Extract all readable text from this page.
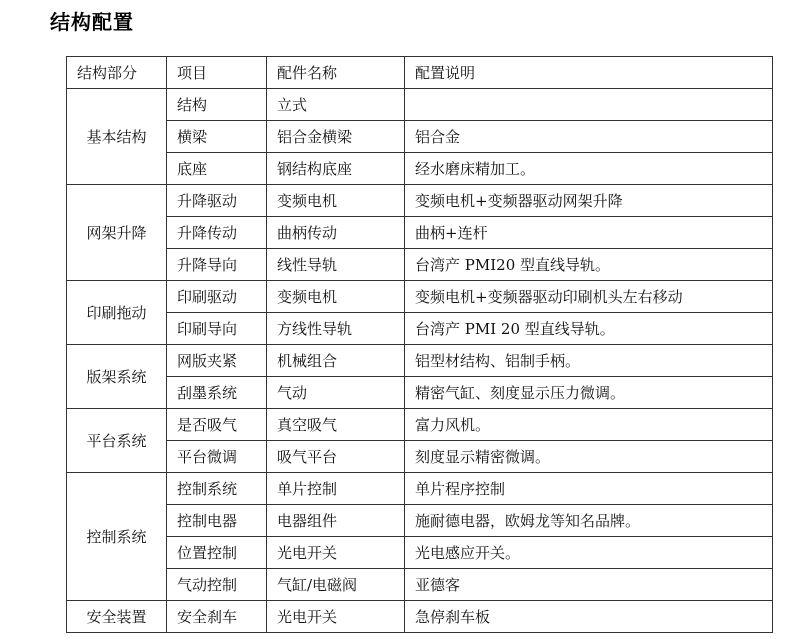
结构配置
结构部分	项目	配件名称	配置说明
基本结构	结构	立式	
	横梁	铝合金横梁	铝合金
	底座	钢结构底座	经水磨床精加工。
网架升降	升降驱动	变频电机	变频电机+变频器驱动网架升降
	升降传动	曲柄传动	曲柄+连杆
	升降导向	线性导轨	台湾产 PMI20 型直线导轨。
印刷拖动	印刷驱动	变频电机	变频电机+变频器驱动印刷机头左右移动
	印刷导向	方线性导轨	台湾产 PMI 20 型直线导轨。
版架系统	网版夹紧	机械组合	铝型材结构、铝制手柄。
	刮墨系统	气动	精密气缸、刻度显示压力微调。
平台系统	是否吸气	真空吸气	富力风机。
	平台微调	吸气平台	刻度显示精密微调。
控制系统	控制系统	单片控制	单片程序控制
	控制电器	电器组件	施耐德电器，欧姆龙等知名品牌。
	位置控制	光电开关	光电感应开关。
	气动控制	气缸/电磁阀	亚德客
安全装置	安全刹车	光电开关	急停刹车板
